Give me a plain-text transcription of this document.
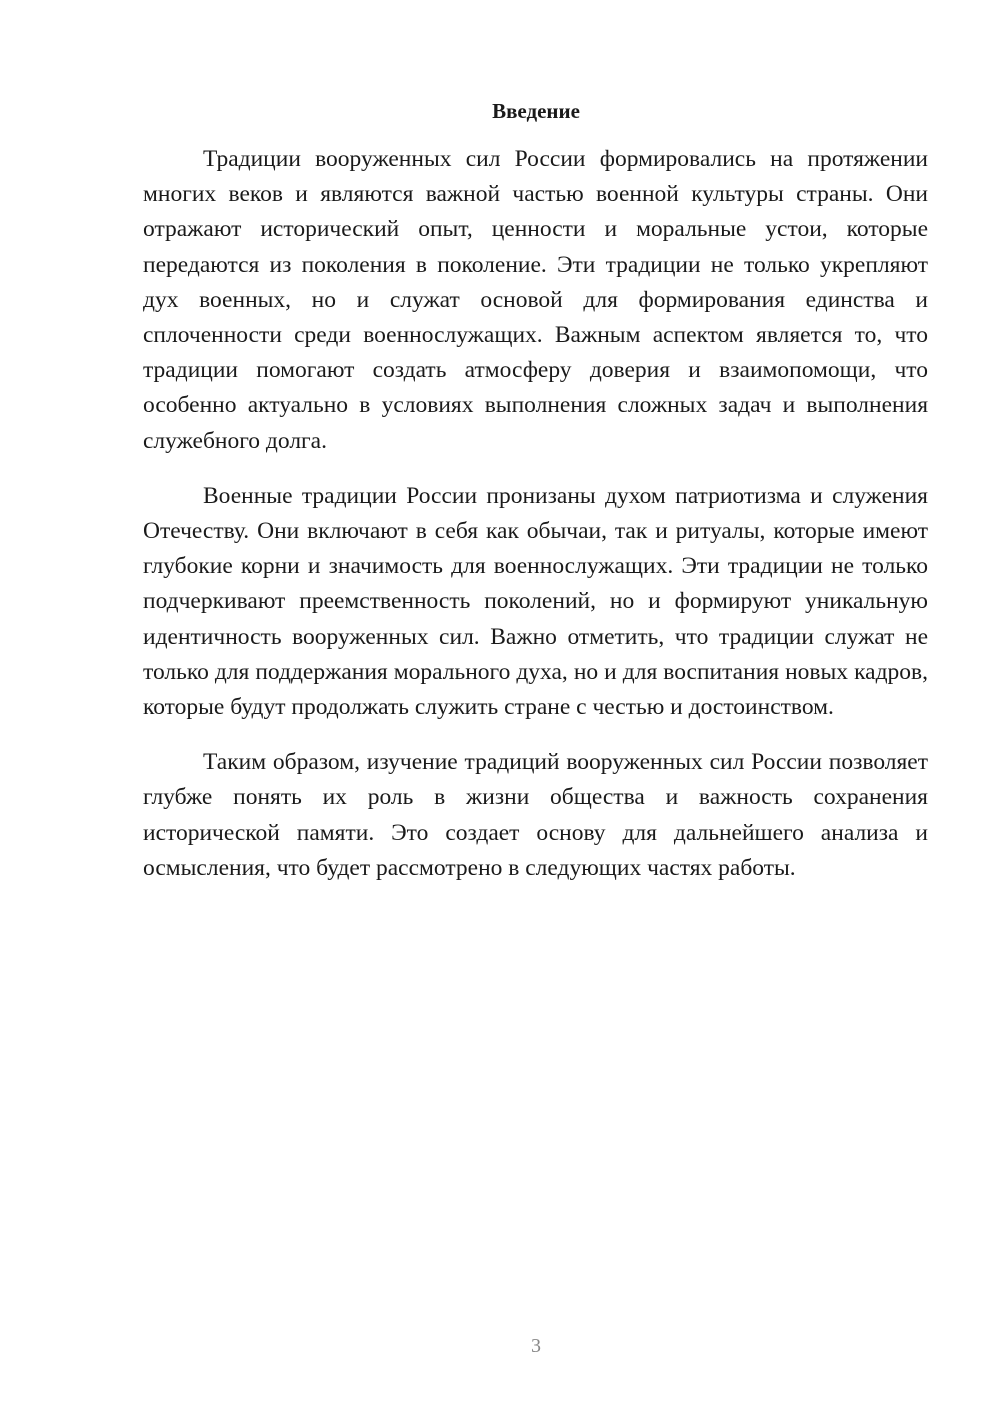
Введение

Традиции вооруженных сил России формировались на протяжении многих веков и являются важной частью военной культуры страны. Они отражают исторический опыт, ценности и моральные устои, которые передаются из поколения в поколение. Эти традиции не только укрепляют дух военных, но и служат основой для формирования единства и сплоченности среди военнослужащих. Важным аспектом является то, что традиции помогают создать атмосферу доверия и взаимопомощи, что особенно актуально в условиях выполнения сложных задач и выполнения служебного долга.

Военные традиции России пронизаны духом патриотизма и служения Отечеству. Они включают в себя как обычаи, так и ритуалы, которые имеют глубокие корни и значимость для военнослужащих. Эти традиции не только подчеркивают преемственность поколений, но и формируют уникальную идентичность вооруженных сил. Важно отметить, что традиции служат не только для поддержания морального духа, но и для воспитания новых кадров, которые будут продолжать служить стране с честью и достоинством.

Таким образом, изучение традиций вооруженных сил России позволяет глубже понять их роль в жизни общества и важность сохранения исторической памяти. Это создает основу для дальнейшего анализа и осмысления, что будет рассмотрено в следующих частях работы.

3
